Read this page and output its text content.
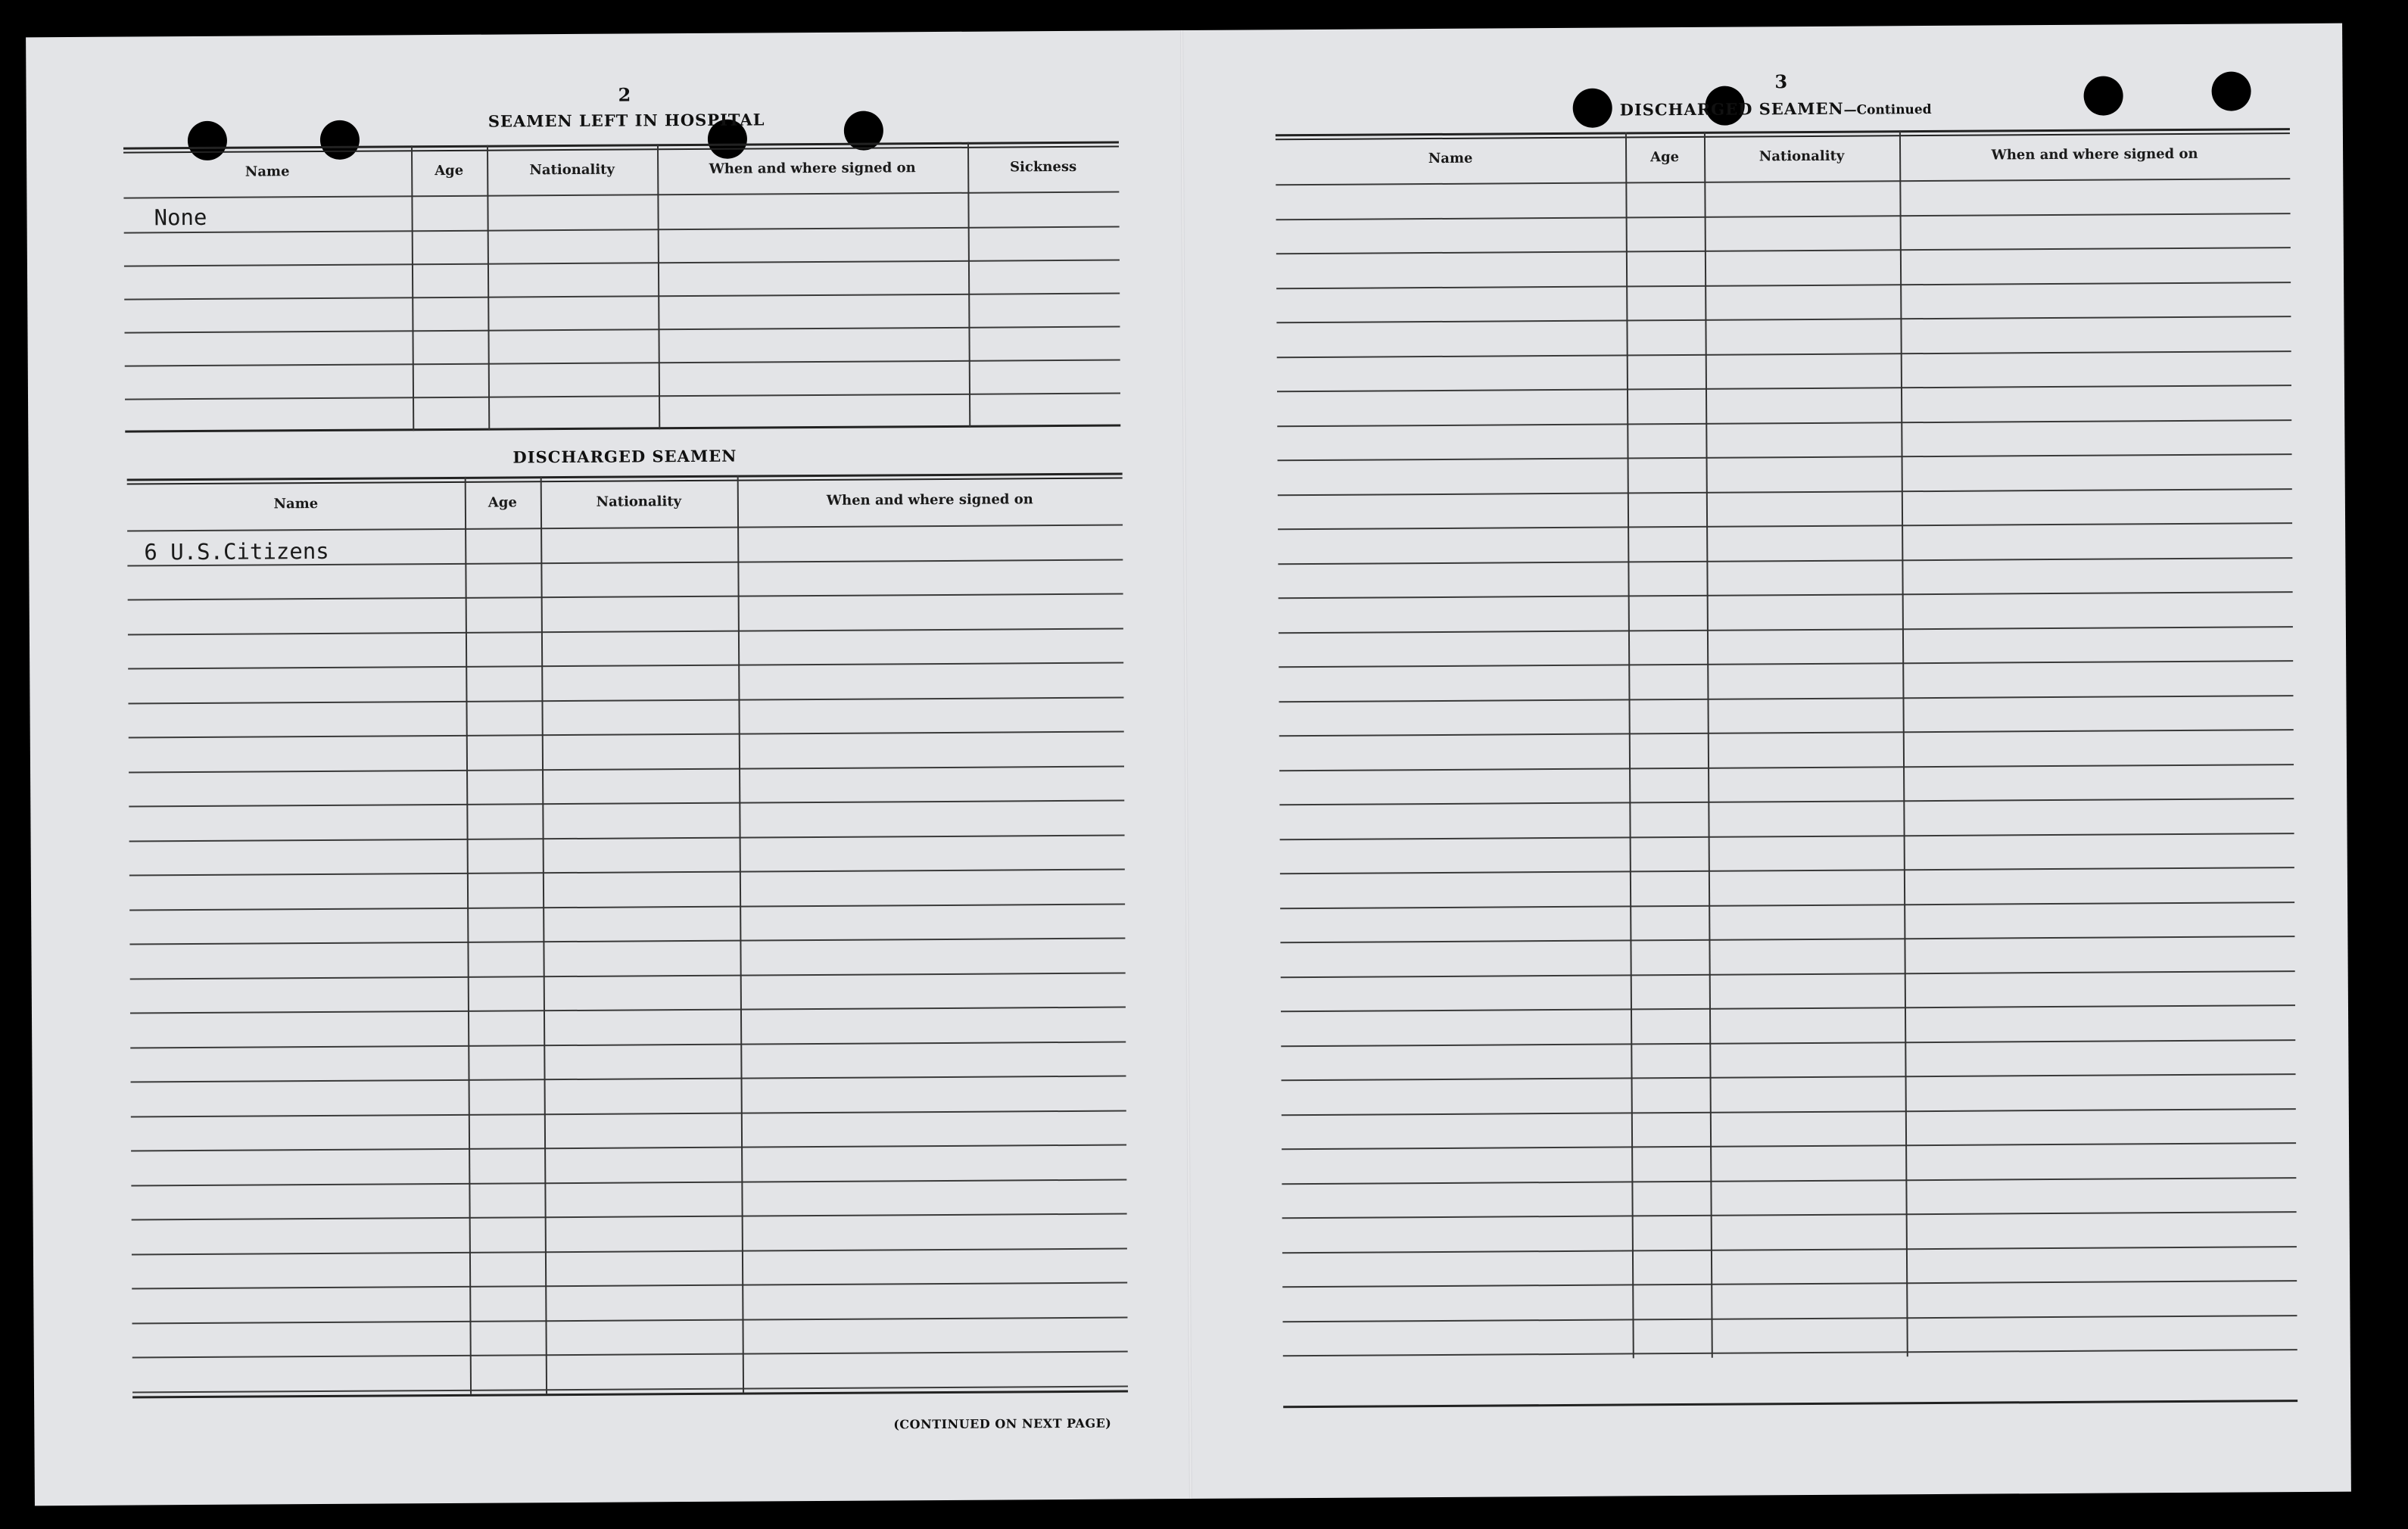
2
SEAMEN LEFT IN HOSPITAL
Name	Age	Nationality	When and where signed on	Sickness
None
DISCHARGED SEAMEN
Name	Age	Nationality	When and where signed on
6 U.S.Citizens
(CONTINUED ON NEXT PAGE)
3
DISCHARGED SEAMEN—Continued
Name	Age	Nationality	When and where signed on
